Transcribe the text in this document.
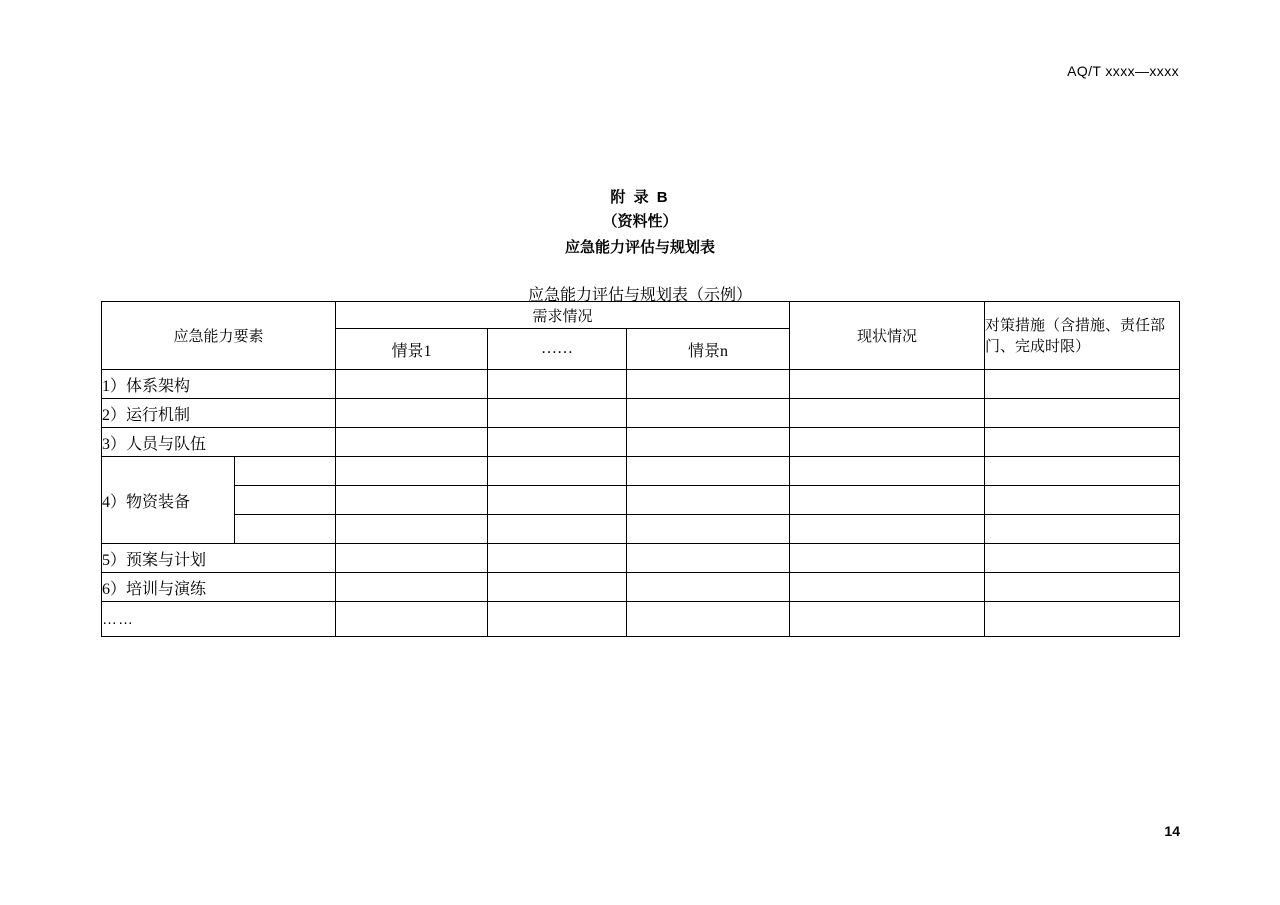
AQ/T xxxx—xxxx
附 录 B
（资料性）
应急能力评估与规划表
应急能力评估与规划表（示例）
应急能力要素		需求情况			现状情况	对策措施（含措施、责任部门、完成时限）
		情景1	……	情景n		
1）体系架构						
2）运行机制						
3）人员与队伍						
4）物资装备						

5）预案与计划						
6）培训与演练						
……						
14
